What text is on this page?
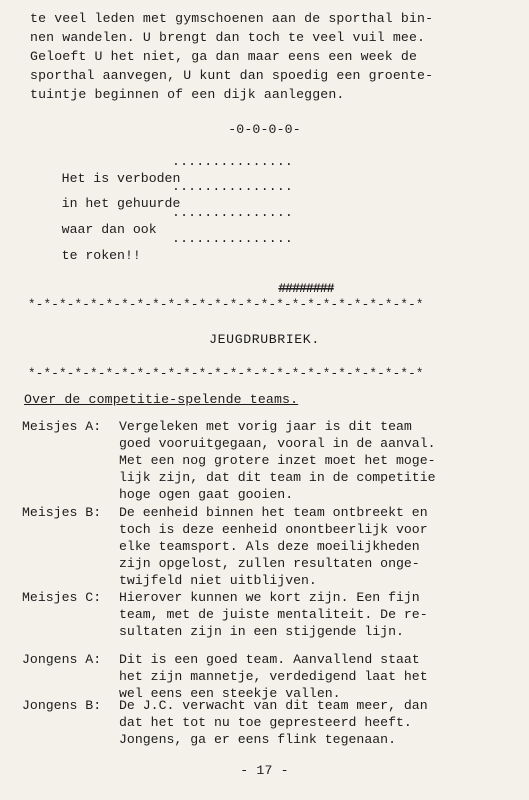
te veel leden met gymschoenen aan de sporthal bin-
nen wandelen. U brengt dan toch te veel vuil mee.
Geloeft U het niet, ga dan maar eens een week de
sporthal aanvegen, U kunt dan spoedig een groente-
tuintje beginnen of een dijk aanleggen.
-0-0-0-0-

Het is verboden

...............

in het gehuurde

...............

waar dan ook

...............

te roken!!

...............

########

*-*-*-*-*-*-*-*-*-*-*-*-*-*-*-*-*-*-*-*-*-*-*-*-*-*
JEUGDRUBRIEK.
*-*-*-*-*-*-*-*-*-*-*-*-*-*-*-*-*-*-*-*-*-*-*-*-*-*
Over de competitie-spelende teams.
Meisjes A: Vergeleken met vorig jaar is dit team
goed vooruitgegaan, vooral in de aanval.
Met een nog grotere inzet moet het moge-
lijk zijn, dat dit team in de competitie
hoge ogen gaat gooien.
Meisjes B: De eenheid binnen het team ontbreekt en
toch is deze eenheid onontbeerlijk voor
elke teamsport. Als deze moeilijkheden
zijn opgelost, zullen resultaten onge-
twijfeld niet uitblijven.
Meisjes C: Hierover kunnen we kort zijn. Een fijn
team, met de juiste mentaliteit. De re-
sultaten zijn in een stijgende lijn.
Jongens A: Dit is een goed team. Aanvallend staat
het zijn mannetje, verdedigend laat het
wel eens een steekje vallen.
Jongens B: De J.C. verwacht van dit team meer, dan
dat het tot nu toe gepresteerd heeft.
Jongens, ga er eens flink tegenaan.
- 17 -
